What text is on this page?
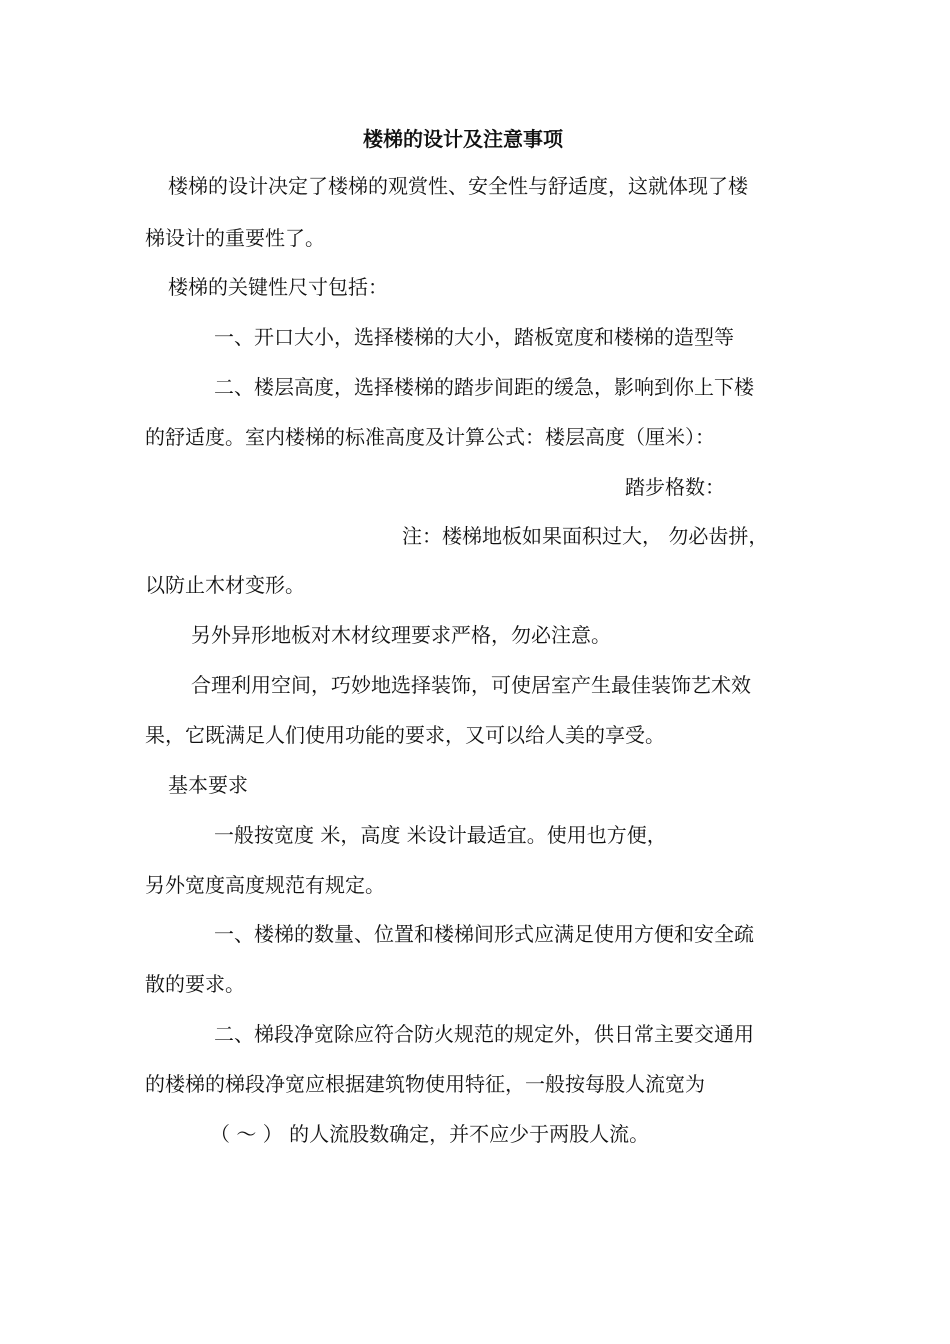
楼梯的设计及注意事项
楼梯的设计决定了楼梯的观赏性、安全性与舒适度，这就体现了楼
梯设计的重要性了。
楼梯的关键性尺寸包括：
一、开口大小，选择楼梯的大小，踏板宽度和楼梯的造型等
二、楼层高度，选择楼梯的踏步间距的缓急，影响到你上下楼
的舒适度。室内楼梯的标准高度及计算公式：楼层高度（厘米）：
踏步格数：
注：楼梯地板如果面积过大， 勿必齿拼，
以防止木材变形。
另外异形地板对木材纹理要求严格，勿必注意。
合理利用空间，巧妙地选择装饰，可使居室产生最佳装饰艺术效
果，它既满足人们使用功能的要求，又可以给人美的享受。
基本要求
一般按宽度 米，高度 米设计最适宜。使用也方便，
另外宽度高度规范有规定。
一、楼梯的数量、位置和楼梯间形式应满足使用方便和安全疏
散的要求。
二、梯段净宽除应符合防火规范的规定外，供日常主要交通用
的楼梯的梯段净宽应根据建筑物使用特征，一般按每股人流宽为
（ ～ ） 的人流股数确定，并不应少于两股人流。
